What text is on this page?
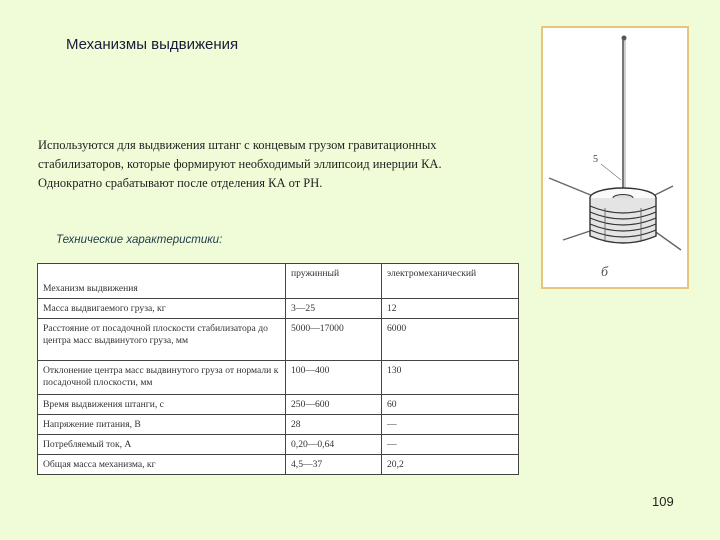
Механизмы выдвижения
Используются для выдвижения штанг с концевым грузом гравитационных
стабилизаторов, которые формируют необходимый эллипсоид инерции КА.
Однократно срабатывают после отделения КА от РН.
5
б
Технические характеристики:
Механизм выдвижения	пружинный	электромеханический
Масса выдвигаемого груза, кг	3—25	12
Расстояние от посадочной плоскости стабилизатора до центра масс выдвинутого груза, мм	5000—17000	6000
Отклонение центра масс выдвинутого груза от нормали к посадочной плоскости, мм	100—400	130
Время выдвижения штанги, с	250—600	60
Напряжение питания, В	28	—
Потребляемый ток, А	0,20—0,64	—
Общая масса механизма, кг	4,5—37	20,2
109
